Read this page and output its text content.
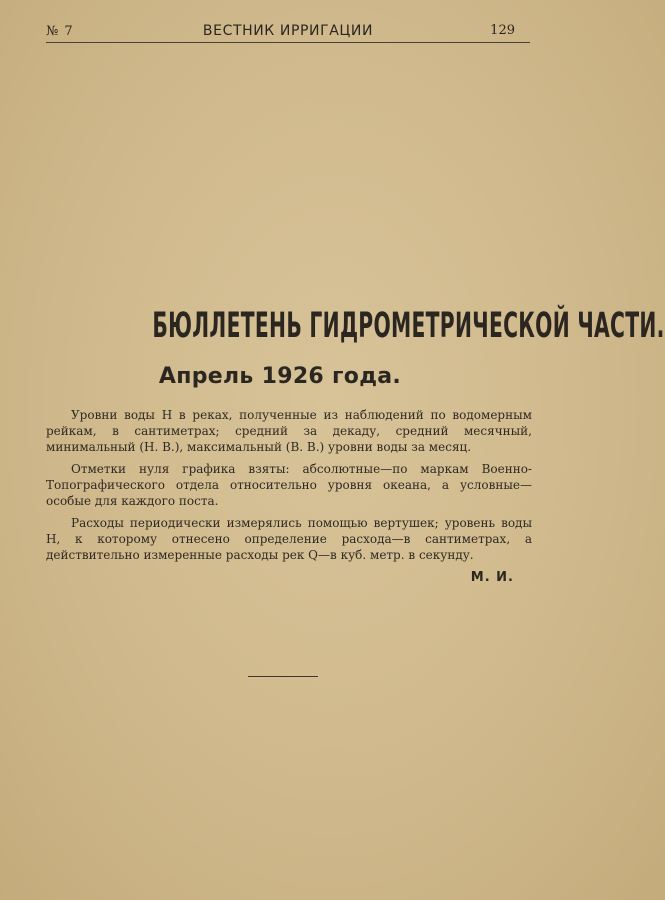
№ 7	ВЕСТНИК ИРРИГАЦИИ	129
БЮЛЛЕТЕНЬ ГИДРОМЕТРИЧЕСКОЙ ЧАСТИ.
Апрель 1926 года.

Уровни воды H в реках, полученные из наблюдений по водомерным рейкам, в сантиметрах; средний за декаду, средний месячный, минимальный (Н. В.), максимальный (В. В.) уровни воды за месяц.

Отметки нуля графика взяты: абсолютные—по маркам Военно-Топографического отдела относительно уровня океана, а условные—особые для каждого поста.

Расходы периодически измерялись помощью вертушек; уровень воды H, к которому отнесено определение расхода—в сантиметрах, а действительно измеренные расходы рек Q—в куб. метр. в секунду.

М. И.
